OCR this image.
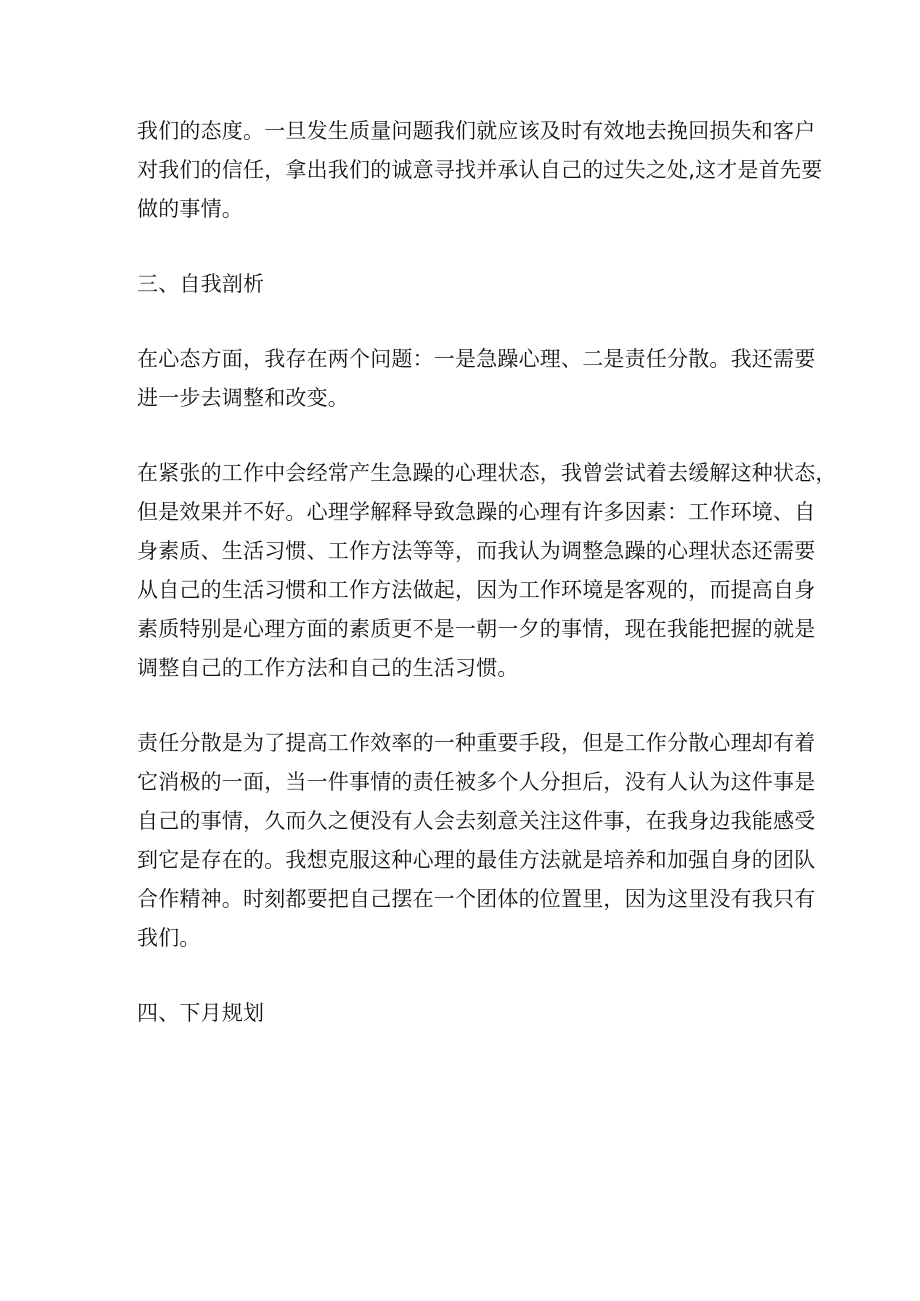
我们的态度。一旦发生质量问题我们就应该及时有效地去挽回损失和客户
对我们的信任，拿出我们的诚意寻找并承认自己的过失之处,这才是首先要
做的事情。
三、自我剖析
在心态方面，我存在两个问题：一是急躁心理、二是责任分散。我还需要
进一步去调整和改变。
在紧张的工作中会经常产生急躁的心理状态，我曾尝试着去缓解这种状态，
但是效果并不好。心理学解释导致急躁的心理有许多因素：工作环境、自
身素质、生活习惯、工作方法等等，而我认为调整急躁的心理状态还需要
从自己的生活习惯和工作方法做起，因为工作环境是客观的，而提高自身
素质特别是心理方面的素质更不是一朝一夕的事情，现在我能把握的就是
调整自己的工作方法和自己的生活习惯。
责任分散是为了提高工作效率的一种重要手段，但是工作分散心理却有着
它消极的一面，当一件事情的责任被多个人分担后，没有人认为这件事是
自己的事情，久而久之便没有人会去刻意关注这件事，在我身边我能感受
到它是存在的。我想克服这种心理的最佳方法就是培养和加强自身的团队
合作精神。时刻都要把自己摆在一个团体的位置里，因为这里没有我只有
我们。
四、下月规划
